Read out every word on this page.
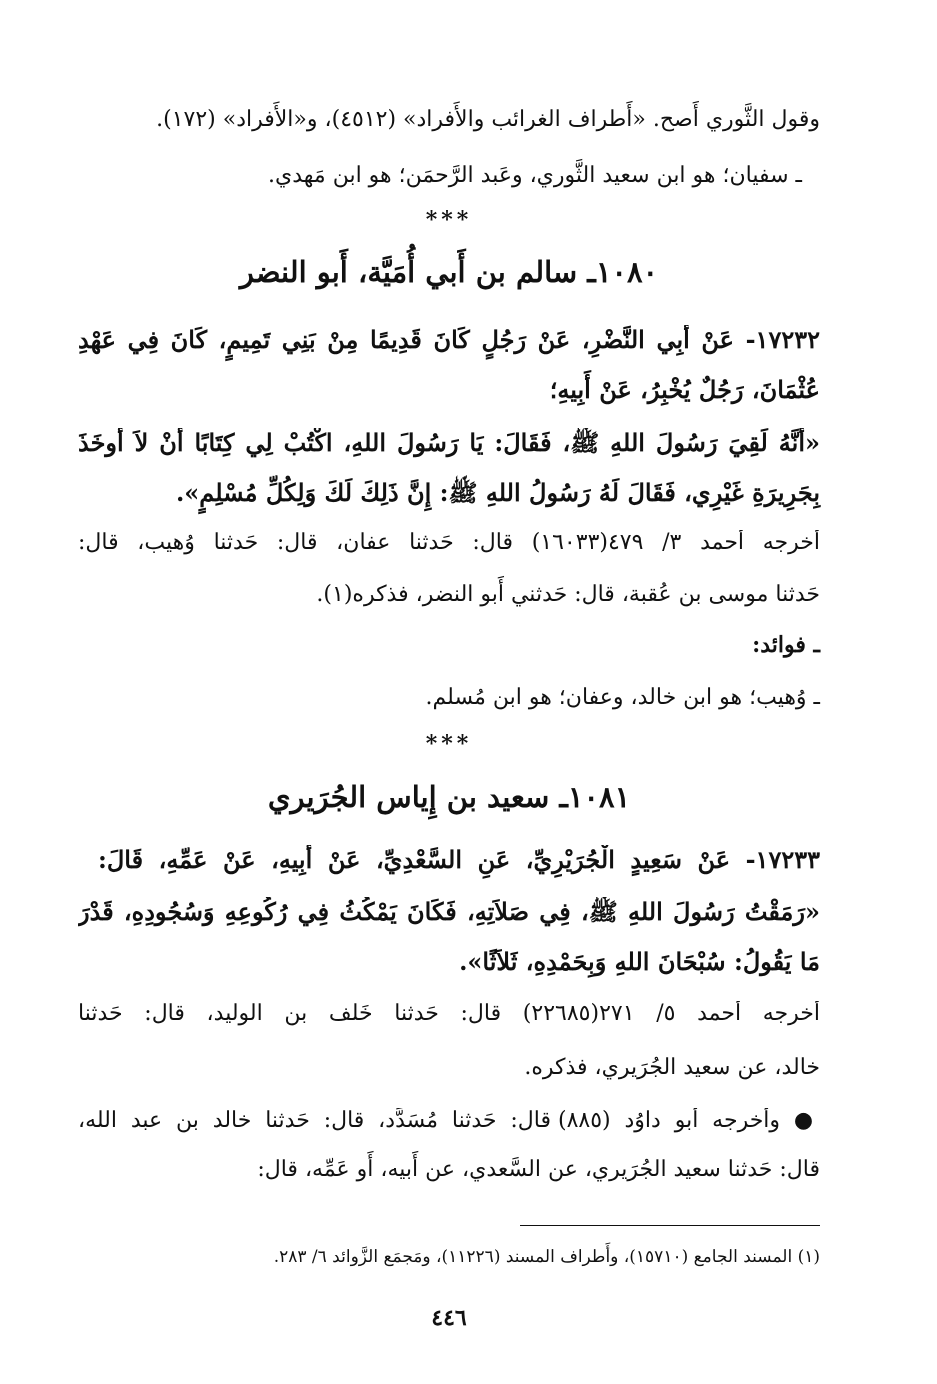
وقول الثَّوري أَصح. «أَطراف الغرائب والأَفراد» (٤٥١٢)، و«الأَفراد» (١٧٢).
ـ سفيان؛ هو ابن سعيد الثَّوري، وعَبد الرَّحمَن؛ هو ابن مَهدي.
***
١٠٨٠ـ سالم بن أَبي أُمَيَّة، أَبو النضر
١٧٢٣٢- عَنْ أَبِي النَّضْرِ، عَنْ رَجُلٍ كَانَ قَدِيمًا مِنْ بَنِي تَمِيمٍ، كَانَ فِي عَهْدِ
عُثْمَانَ، رَجُلٌ يُخْبِرُ، عَنْ أَبِيهِ؛
«أَنَّهُ لَقِيَ رَسُولَ اللهِ ﷺ، فَقَالَ: يَا رَسُولَ اللهِ، اكْتُبْ لِي كِتَابًا أَنْ لاَ أُوخَذَ
بِجَرِيرَةِ غَيْرِي، فَقَالَ لَهُ رَسُولُ اللهِ ﷺ: إِنَّ ذَلِكَ لَكَ وَلِكُلِّ مُسْلِمٍ».
أَخرجه أَحمد ٣/ ٤٧٩(١٦٠٣٣) قال: حَدثنا عفان، قال: حَدثنا وُهيب، قال:
حَدثنا موسى بن عُقبة، قال: حَدثني أَبو النضر، فذكره(١).
ـ فوائد:
ـ وُهيب؛ هو ابن خالد، وعفان؛ هو ابن مُسلم.
***
١٠٨١ـ سعيد بن إِياس الجُرَيري
١٧٢٣٣- عَنْ سَعِيدٍ الْجُرَيْرِيِّ، عَنِ السَّعْدِيِّ، عَنْ أَبِيهِ، عَنْ عَمِّهِ، قَالَ:
«رَمَقْتُ رَسُولَ اللهِ ﷺ، فِي صَلاَتِهِ، فَكَانَ يَمْكُثُ فِي رُكُوعِهِ وَسُجُودِهِ، قَدْرَ
مَا يَقُولُ: سُبْحَانَ اللهِ وَبِحَمْدِهِ، ثَلاَثًا».
أَخرجه أَحمد ٥/ ٢٧١(٢٢٦٨٥) قال: حَدثنا خَلف بن الوليد، قال: حَدثنا
خالد، عن سعيد الجُرَيري، فذكره.
● وأَخرجه أَبو داوُد (٨٨٥) قال: حَدثنا مُسَدَّد، قال: حَدثنا خالد بن عبد الله،
قال: حَدثنا سعيد الجُرَيري، عن السَّعدي، عن أَبيه، أَو عَمِّه، قال:
(١) المسند الجامع (١٥٧١٠)، وأَطراف المسند (١١٢٢٦)، ومَجمَع الزَّوائد ٦/ ٢٨٣.
٤٤٦
